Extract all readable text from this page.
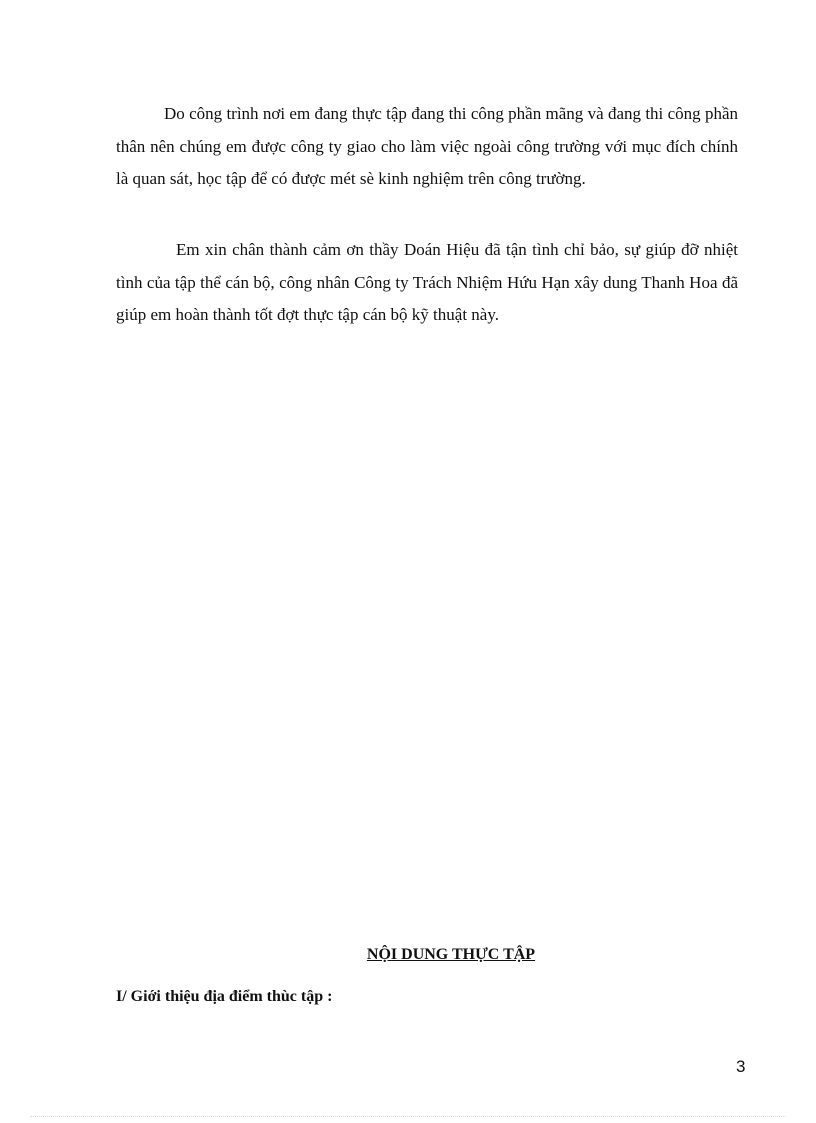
Do công trình nơi em đang thực tập đang thi công phần mãng và đang thi công phần thân nên chúng em được công ty giao cho làm việc ngoài công trường với mục đích chính là quan sát, học tập để có được mét sè kinh nghiệm trên công trường.

Em xin chân thành cảm ơn thầy Doán Hiệu đã tận tình chỉ bảo, sự giúp đỡ nhiệt tình của tập thể cán bộ, công nhân Công ty Trách Nhiệm Hứu Hạn xây dung Thanh Hoa đã giúp em hoàn thành tốt đợt thực tập cán bộ kỹ thuật này.

NỘI DUNG THỰC TẬP

I/ Giới thiệu địa điểm thùc tập :

3
